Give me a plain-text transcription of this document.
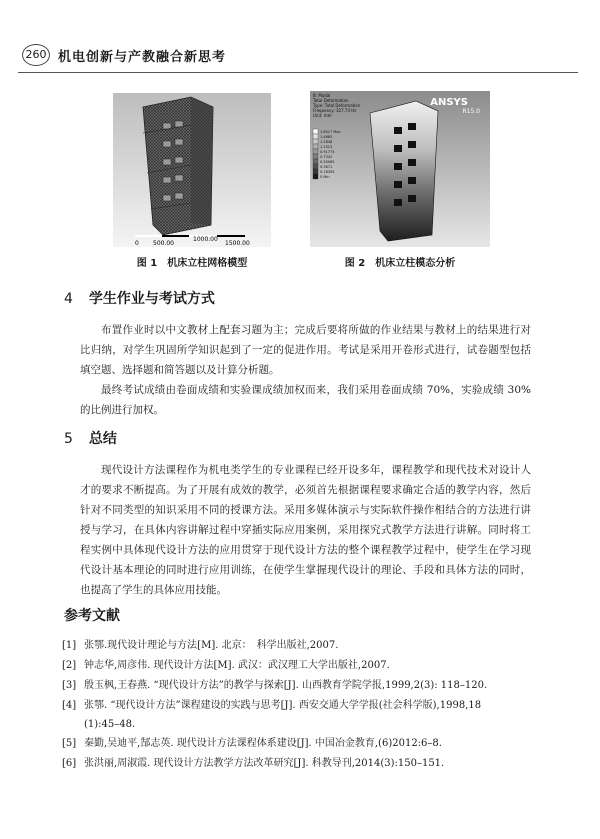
260 机电创新与产教融合新思考
0 500.00
1000.00
1500.00
ANSYS
R15.0
B: Modal
Total Deformation
Type: Total Deformation
Frequency: 327.74 Hz
Unit: mm
1.6517 Max
1.4683
1.2848
1.1013
0.91774
0.7342
0.55065
0.3671
0.18355
0 Min
图 1　机床立柱网格模型	图 2　机床立柱模态分析
4 学生作业与考试方式
布置作业时以中文教材上配套习题为主；完成后要将所做的作业结果与教材上的结果进行对比归纳，对学生巩固所学知识起到了一定的促进作用。考试是采用开卷形式进行，试卷题型包括填空题、选择题和简答题以及计算分析题。
最终考试成绩由卷面成绩和实验课成绩加权而来，我们采用卷面成绩 70%，实验成绩 30% 的比例进行加权。
5 总结
现代设计方法课程作为机电类学生的专业课程已经开设多年，课程教学和现代技术对设计人才的要求不断提高。为了开展有成效的教学，必须首先根据课程要求确定合适的教学内容，然后针对不同类型的知识采用不同的授课方法。采用多媒体演示与实际软件操作相结合的方法进行讲授与学习，在具体内容讲解过程中穿插实际应用案例，采用探究式教学方法进行讲解。同时将工程实例中具体现代设计方法的应用贯穿于现代设计方法的整个课程教学过程中，使学生在学习现代设计基本理论的同时进行应用训练，在使学生掌握现代设计的理论、手段和具体方法的同时，也提高了学生的具体应用技能。
参考文献
[1] 张鄂.现代设计理论与方法[M]. 北京：　科学出版社,2007.
[2] 钟志华,周彦伟. 现代设计方法[M]. 武汉：武汉理工大学出版社,2007.
[3] 殷玉枫,王春燕. “现代设计方法”的教学与探索[J]. 山西教育学院学报,1999,2(3): 118–120.
[4] 张鄂. “现代设计方法”课程建设的实践与思考[J]. 西安交通大学学报(社会科学版),1998,18
(1):45–48.
[5] 秦勤,吴迪平,郜志英. 现代设计方法课程体系建设[J]. 中国冶金教育,(6)2012:6–8.
[6] 张洪丽,周淑霞. 现代设计方法教学方法改革研究[J]. 科教导刊,2014(3):150–151.
